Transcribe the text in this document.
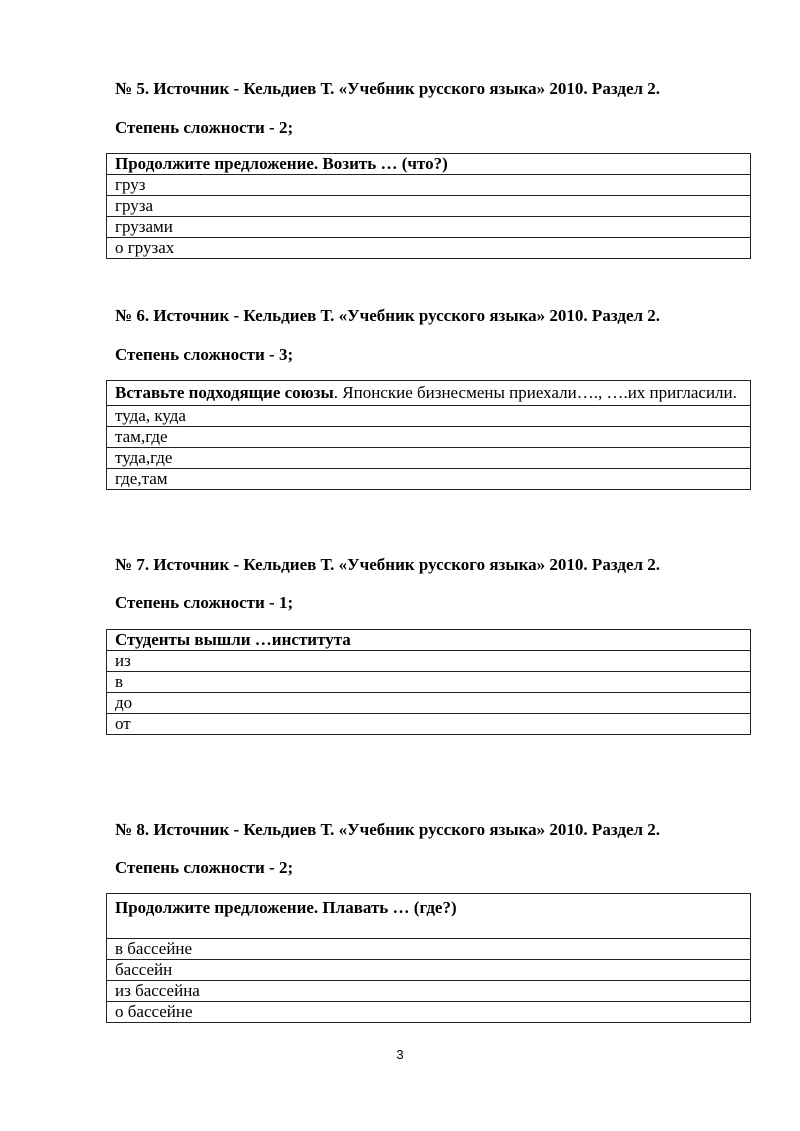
№ 5. Источник - Кельдиев Т. «Учебник русского языка» 2010. Раздел 2.
Степень сложности - 2;
Продолжите предложение. Возить … (что?)
груз
груза
грузами
о грузах
№ 6. Источник - Кельдиев Т. «Учебник русского языка» 2010. Раздел 2.
Степень сложности - 3;
Вставьте подходящие союзы. Японские бизнесмены приехали…., ….их пригласили.
туда, куда
там,где
туда,где
где,там
№ 7. Источник - Кельдиев Т. «Учебник русского языка» 2010. Раздел 2.
Степень сложности - 1;
Студенты вышли …института
из
в
до
от
№ 8. Источник - Кельдиев Т. «Учебник русского языка» 2010. Раздел 2.
Степень сложности - 2;
Продолжите предложение. Плавать … (где?)
в бассейне
бассейн
из бассейна
о бассейне
3
